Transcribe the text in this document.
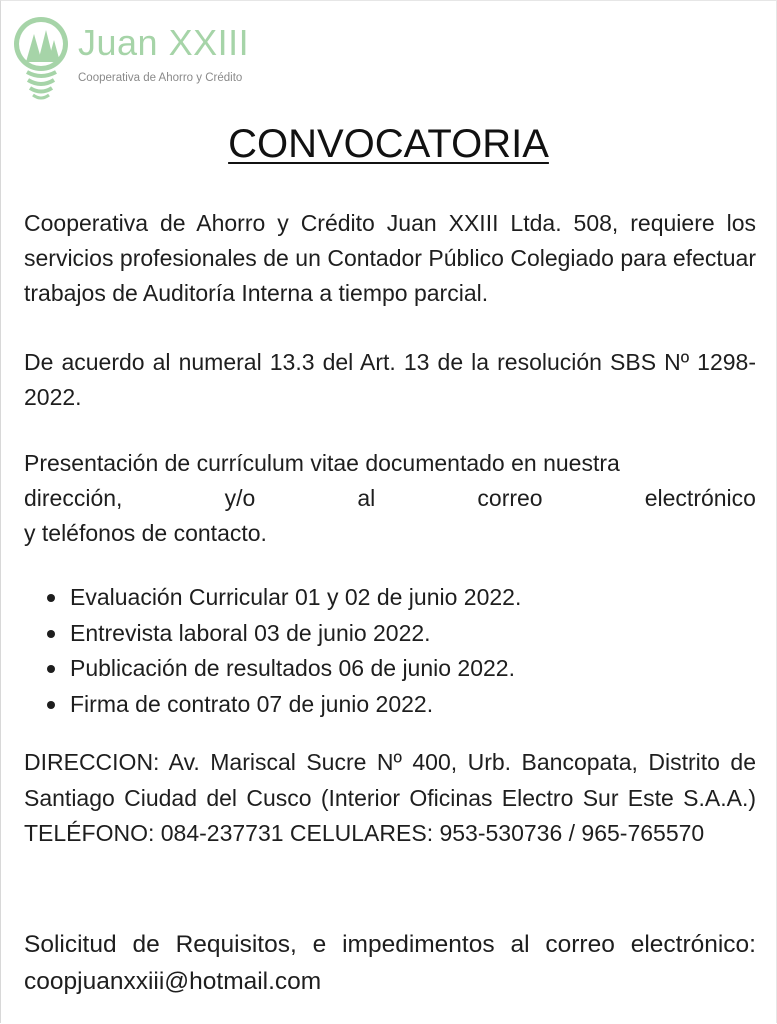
Juan XXIII
Cooperativa de Ahorro y Crédito
CONVOCATORIA

Cooperativa de Ahorro y Crédito Juan XXIII Ltda. 508, requiere los servicios profesionales de un Contador Público Colegiado para efectuar trabajos de Auditoría Interna a tiempo parcial.

De acuerdo al numeral 13.3 del Art. 13 de la resolución SBS Nº 1298-2022.

Presentación de currículum vitae documentado en nuestra
dirección,	y/o	al	correo	electrónico
y teléfonos de contacto.
Evaluación Curricular 01 y 02 de junio 2022.
Entrevista laboral 03 de junio 2022.
Publicación de resultados 06 de junio 2022.
Firma de contrato 07 de junio 2022.

DIRECCION: Av. Mariscal Sucre Nº 400, Urb. Bancopata, Distrito de Santiago Ciudad del Cusco (Interior Oficinas Electro Sur Este S.A.A.) TELÉFONO: 084-237731 CELULARES: 953-530736 / 965-765570

Solicitud de Requisitos, e impedimentos al correo electrónico: coopjuanxxiii@hotmail.com
